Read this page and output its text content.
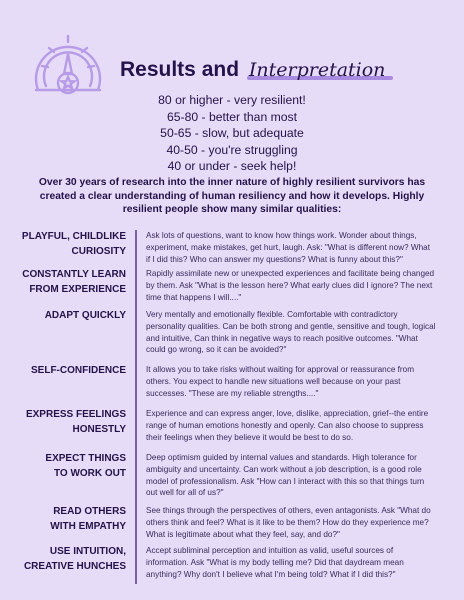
Results and Interpretation
80 or higher - very resilient!
65-80 - better than most
50-65 - slow, but adequate
40-50 - you're struggling
40 or under - seek help!
Over 30 years of research into the inner nature of highly resilient survivors has created a clear understanding of human resiliency and how it develops. Highly resilient people show many similar qualities:
PLAYFUL, CHILDLIKE
CURIOSITY
Ask lots of questions, want to know how things work. Wonder about things, experiment, make mistakes, get hurt, laugh. Ask: "What is different now? What if I did this? Who can answer my questions? What is funny about this?"
CONSTANTLY LEARN
FROM EXPERIENCE
Rapidly assimilate new or unexpected experiences and facilitate being changed by them. Ask "What is the lesson here? What early clues did I ignore? The next time that happens I will...."
ADAPT QUICKLY Very mentally and emotionally flexible. Comfortable with contradictory personality qualities. Can be both strong and gentle, sensitive and tough, logical and intuitive, Can think in negative ways to reach positive outcomes. "What could go wrong, so it can be avoided?"
SELF-CONFIDENCE It allows you to take risks without waiting for approval or reassurance from others. You expect to handle new situations well because on your past successes. "These are my reliable strengths...."
EXPRESS FEELINGS
HONESTLY
Experience and can express anger, love, dislike, appreciation, grief--the entire range of human emotions honestly and openly. Can also choose to suppress their feelings when they believe it would be best to do so.
EXPECT THINGS
TO WORK OUT
Deep optimism guided by internal values and standards. High tolerance for ambiguity and uncertainty. Can work without a job description, is a good role model of professionalism. Ask "How can I interact with this so that things turn out well for all of us?"
READ OTHERS
WITH EMPATHY
See things through the perspectives of others, even antagonists. Ask "What do others think and feel? What is it like to be them? How do they experience me? What is legitimate about what they feel, say, and do?"
USE INTUITION,
CREATIVE HUNCHES
Accept subliminal perception and intuition as valid, useful sources of information. Ask "What is my body telling me? Did that daydream mean anything? Why don't I believe what I'm being told? What if I did this?"
